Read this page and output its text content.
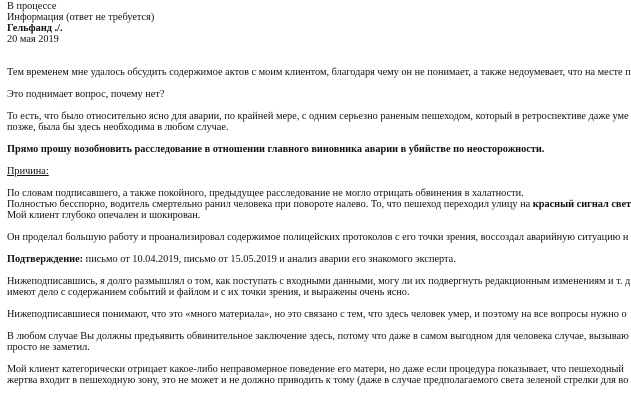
В процессе
Информация (ответ не требуется)
Гельфанд ./.
20 мая 2019
Тем временем мне удалось обсудить содержимое актов с моим клиентом, благодаря чему он не понимает, а также недоумевает, что на месте п
Это поднимает вопрос, почему нет?
То есть, что было относительно ясно для аварии, по крайней мере, с одним серьезно раненым пешеходом, который в ретроспективе даже уме
позже, была бы здесь необходима в любом случае.
Прямо прошу возобновить расследование в отношении главного виновника аварии в убийстве по неосторожности.
Причина:
По словам подписавшего, а также покойного, предыдущее расследование не могло отрицать обвинения в халатности.
Полностью бесспорно, водитель смертельно ранил человека при повороте налево. То, что пешеход переходил улицу на красный сигнал свет
Мой клиент глубоко опечален и шокирован.
Он проделал большую работу и проанализировал содержимое полицейских протоколов с его точки зрения, воссоздал аварийную ситуацию н
Подтверждение: письмо от 10.04.2019, письмо от 15.05.2019 и анализ аварии его знакомого эксперта.
Нижеподписавшись, я долго размышлял о том, как поступать с входными данными, могу ли их подвергнуть редакционным изменениям и т. д
имеют дело с содержанием событий и файлом и с их точки зрения, и выражены очень ясно.
Нижеподписавшиеся понимают, что это «много материала», но это связано с тем, что здесь человек умер, и поэтому на все вопросы нужно о
В любом случае Вы должны предъявить обвинительное заключение здесь, потому что даже в самом выгодном для человека случае, вызываю
просто не заметил.
Мой клиент категорически отрицает какое-либо неправомерное поведение его матери, но даже если процедура показывает, что пешеходный
жертва входит в пешеходную зону, это не может и не должно приводить к тому (даже в случае предполагаемого света зеленой стрелки для во
